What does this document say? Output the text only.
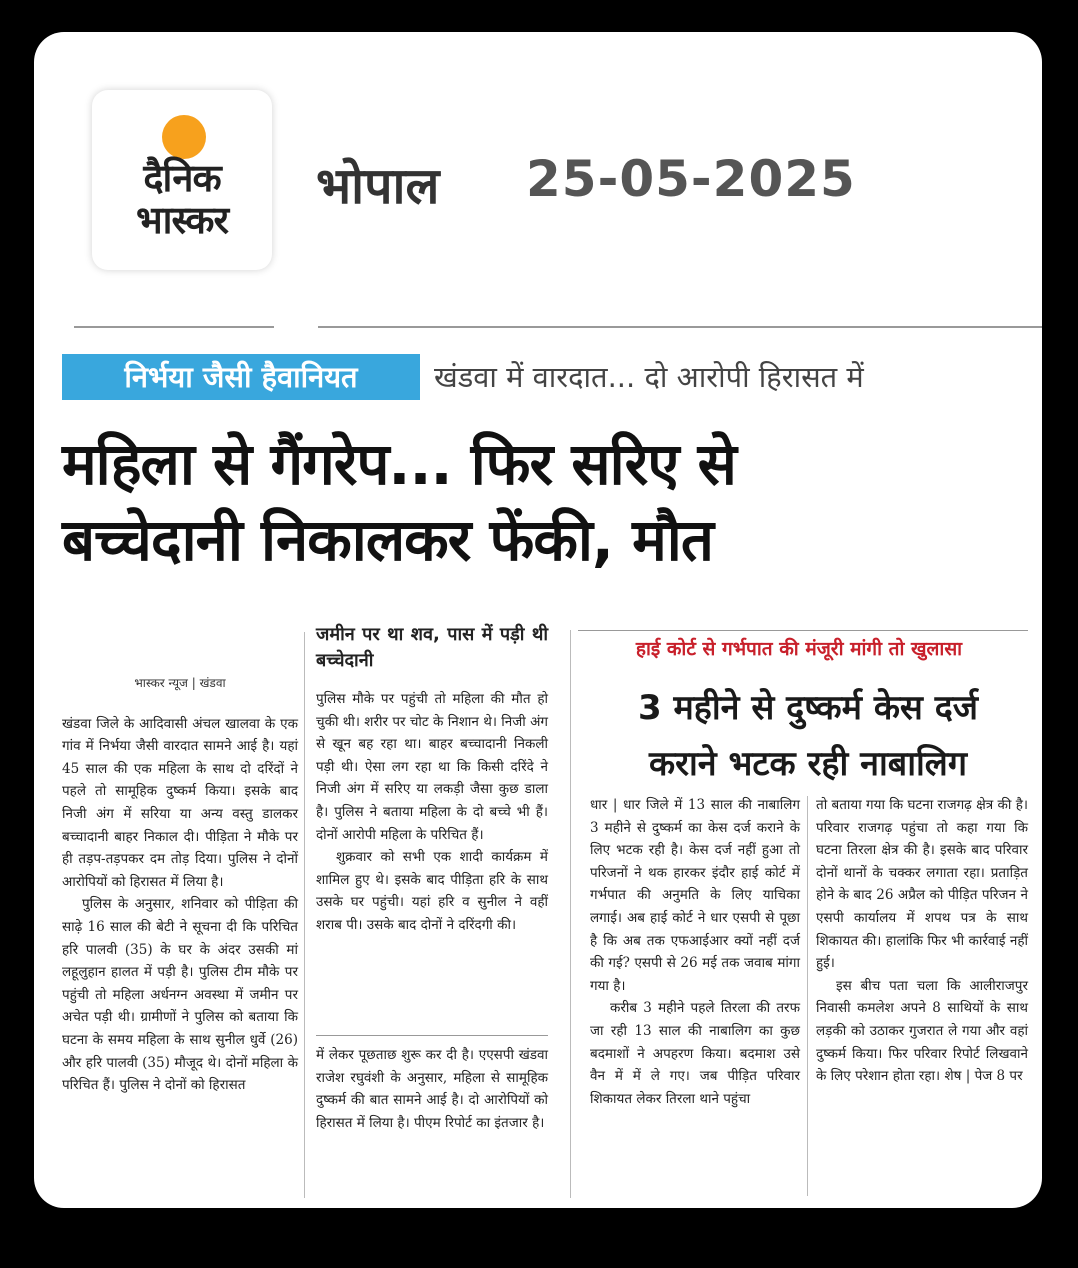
दैनिक
भास्कर
भोपाल 25-05-2025
निर्भया जैसी हैवानियत	खंडवा में वारदात... दो आरोपी हिरासत में
महिला से गैंगरेप... फिर सरिए से
बच्चेदानी निकालकर फेंकी, मौत
भास्कर न्यूज | खंडवा

खंडवा जिले के आदिवासी अंचल खालवा के एक गांव में निर्भया जैसी वारदात सामने आई है। यहां 45 साल की एक महिला के साथ दो दरिंदों ने पहले तो सामूहिक दुष्कर्म किया। इसके बाद निजी अंग में सरिया या अन्य वस्तु डालकर बच्चादानी बाहर निकाल दी। पीड़िता ने मौके पर ही तड़प-तड़पकर दम तोड़ दिया। पुलिस ने दोनों आरोपियों को हिरासत में लिया है।

पुलिस के अनुसार, शनिवार को पीड़िता की साढ़े 16 साल की बेटी ने सूचना दी कि परिचित हरि पालवी (35) के घर के अंदर उसकी मां लहूलुहान हालत में पड़ी है। पुलिस टीम मौके पर पहुंची तो महिला अर्धनग्न अवस्था में जमीन पर अचेत पड़ी थी। ग्रामीणों ने पुलिस को बताया कि घटना के समय महिला के साथ सुनील धुर्वे (26) और हरि पालवी (35) मौजूद थे। दोनों महिला के परिचित हैं। पुलिस ने दोनों को हिरासत

जमीन पर था शव, पास में पड़ी थी बच्चेदानी

पुलिस मौके पर पहुंची तो महिला की मौत हो चुकी थी। शरीर पर चोट के निशान थे। निजी अंग से खून बह रहा था। बाहर बच्चादानी निकली पड़ी थी। ऐसा लग रहा था कि किसी दरिंदे ने निजी अंग में सरिए या लकड़ी जैसा कुछ डाला है। पुलिस ने बताया महिला के दो बच्चे भी हैं। दोनों आरोपी महिला के परिचित हैं।

शुक्रवार को सभी एक शादी कार्यक्रम में शामिल हुए थे। इसके बाद पीड़िता हरि के साथ उसके घर पहुंची। यहां हरि व सुनील ने वहीं शराब पी। उसके बाद दोनों ने दरिंदगी की।

में लेकर पूछताछ शुरू कर दी है। एएसपी खंडवा राजेश रघुवंशी के अनुसार, महिला से सामूहिक दुष्कर्म की बात सामने आई है। दो आरोपियों को हिरासत में लिया है। पीएम रिपोर्ट का इंतजार है।

हाई कोर्ट से गर्भपात की मंजूरी मांगी तो खुलासा
3 महीने से दुष्कर्म केस दर्ज
कराने भटक रही नाबालिग

धार | धार जिले में 13 साल की नाबालिग 3 महीने से दुष्कर्म का केस दर्ज कराने के लिए भटक रही है। केस दर्ज नहीं हुआ तो परिजनों ने थक हारकर इंदौर हाई कोर्ट में गर्भपात की अनुमति के लिए याचिका लगाई। अब हाई कोर्ट ने धार एसपी से पूछा है कि अब तक एफआईआर क्यों नहीं दर्ज की गई? एसपी से 26 मई तक जवाब मांगा गया है।

करीब 3 महीने पहले तिरला की तरफ जा रही 13 साल की नाबालिग का कुछ बदमाशों ने अपहरण किया। बदमाश उसे वैन में में ले गए। जब पीड़ित परिवार शिकायत लेकर तिरला थाने पहुंचा

तो बताया गया कि घटना राजगढ़ क्षेत्र की है। परिवार राजगढ़ पहुंचा तो कहा गया कि घटना तिरला क्षेत्र की है। इसके बाद परिवार दोनों थानों के चक्कर लगाता रहा। प्रताड़ित होने के बाद 26 अप्रैल को पीड़ित परिजन ने एसपी कार्यालय में शपथ पत्र के साथ शिकायत की। हालांकि फिर भी कार्रवाई नहीं हुई।

इस बीच पता चला कि आलीराजपुर निवासी कमलेश अपने 8 साथियों के साथ लड़की को उठाकर गुजरात ले गया और वहां दुष्कर्म किया। फिर परिवार रिपोर्ट लिखवाने के लिए परेशान होता रहा। शेष | पेज 8 पर
